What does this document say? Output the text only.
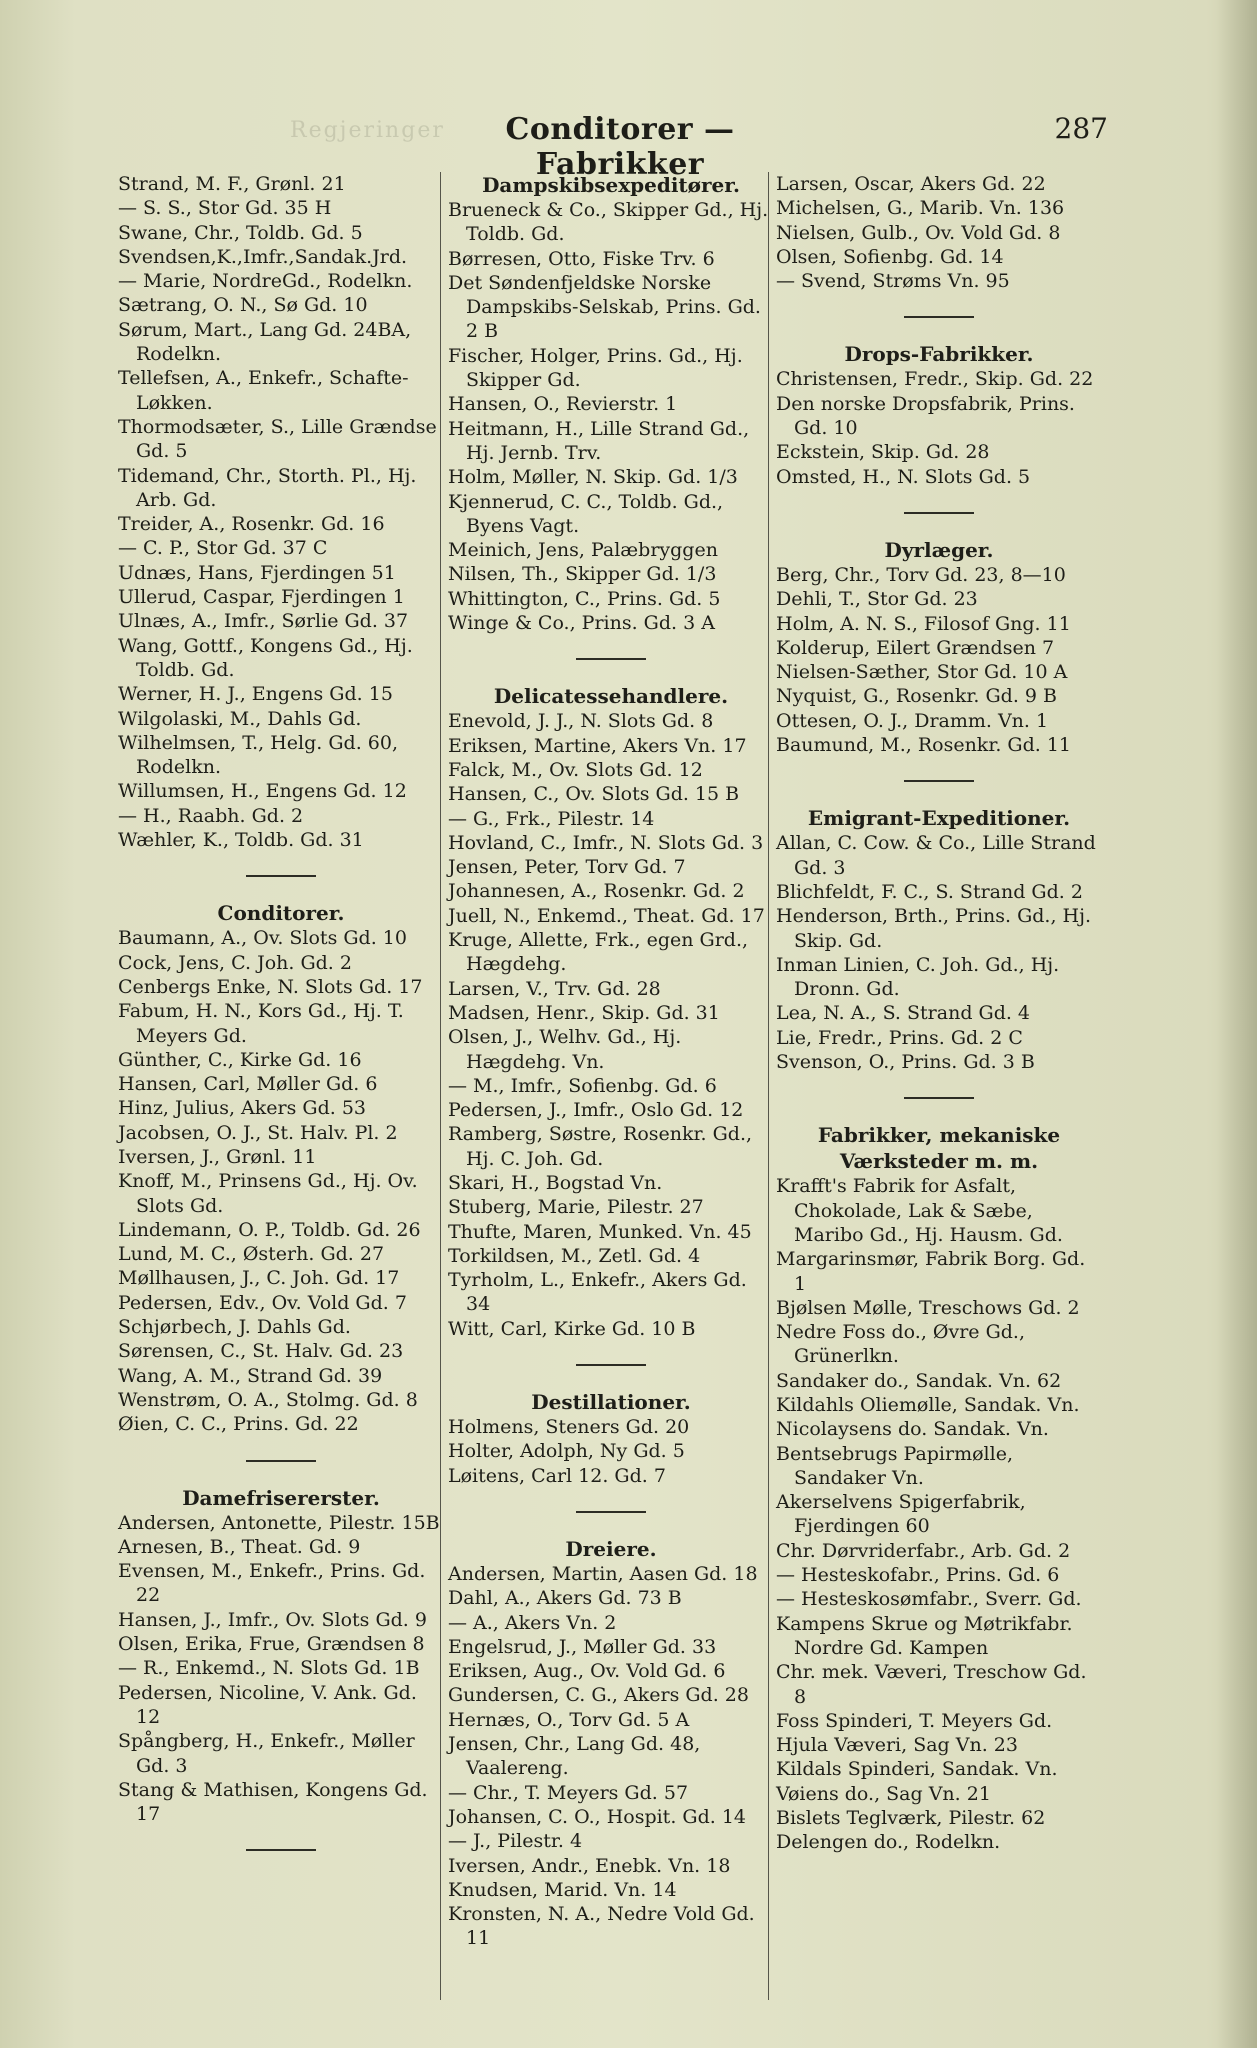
Regjeringer	Conditorer — Fabrikker
287
Strand, M. F., Grønl. 21
— S. S., Stor Gd. 35 H
Swane, Chr., Toldb. Gd. 5
Svendsen,K.,Imfr.,Sandak.Jrd.
— Marie, NordreGd., Rodelkn.
Sætrang, O. N., Sø Gd. 10
Sørum, Mart., Lang Gd. 24BA, Rodelkn.
Tellefsen, A., Enkefr., Schafte-Løkken.
Thormodsæter, S., Lille Grændse Gd. 5
Tidemand, Chr., Storth. Pl., Hj. Arb. Gd.
Treider, A., Rosenkr. Gd. 16
— C. P., Stor Gd. 37 C
Udnæs, Hans, Fjerdingen 51
Ullerud, Caspar, Fjerdingen 1
Ulnæs, A., Imfr., Sørlie Gd. 37
Wang, Gottf., Kongens Gd., Hj. Toldb. Gd.
Werner, H. J., Engens Gd. 15
Wilgolaski, M., Dahls Gd.
Wilhelmsen, T., Helg. Gd. 60, Rodelkn.
Willumsen, H., Engens Gd. 12
— H., Raabh. Gd. 2
Wæhler, K., Toldb. Gd. 31
Conditorer.
Baumann, A., Ov. Slots Gd. 10
Cock, Jens, C. Joh. Gd. 2
Cenbergs Enke, N. Slots Gd. 17
Fabum, H. N., Kors Gd., Hj. T. Meyers Gd.
Günther, C., Kirke Gd. 16
Hansen, Carl, Møller Gd. 6
Hinz, Julius, Akers Gd. 53
Jacobsen, O. J., St. Halv. Pl. 2
Iversen, J., Grønl. 11
Knoff, M., Prinsens Gd., Hj. Ov. Slots Gd.
Lindemann, O. P., Toldb. Gd. 26
Lund, M. C., Østerh. Gd. 27
Møllhausen, J., C. Joh. Gd. 17
Pedersen, Edv., Ov. Vold Gd. 7
Schjørbech, J. Dahls Gd.
Sørensen, C., St. Halv. Gd. 23
Wang, A. M., Strand Gd. 39
Wenstrøm, O. A., Stolmg. Gd. 8
Øien, C. C., Prins. Gd. 22
Damefrisererster.
Andersen, Antonette, Pilestr. 15B
Arnesen, B., Theat. Gd. 9
Evensen, M., Enkefr., Prins. Gd. 22
Hansen, J., Imfr., Ov. Slots Gd. 9
Olsen, Erika, Frue, Grændsen 8
— R., Enkemd., N. Slots Gd. 1B
Pedersen, Nicoline, V. Ank. Gd. 12
Spångberg, H., Enkefr., Møller Gd. 3
Stang & Mathisen, Kongens Gd. 17
Dampskibsexpeditører.
Brueneck & Co., Skipper Gd., Hj. Toldb. Gd.
Børresen, Otto, Fiske Trv. 6
Det Søndenfjeldske Norske Dampskibs-Selskab, Prins. Gd. 2 B
Fischer, Holger, Prins. Gd., Hj. Skipper Gd.
Hansen, O., Revierstr. 1
Heitmann, H., Lille Strand Gd., Hj. Jernb. Trv.
Holm, Møller, N. Skip. Gd. 1/3
Kjennerud, C. C., Toldb. Gd., Byens Vagt.
Meinich, Jens, Palæbryggen
Nilsen, Th., Skipper Gd. 1/3
Whittington, C., Prins. Gd. 5
Winge & Co., Prins. Gd. 3 A
Delicatessehandlere.
Enevold, J. J., N. Slots Gd. 8
Eriksen, Martine, Akers Vn. 17
Falck, M., Ov. Slots Gd. 12
Hansen, C., Ov. Slots Gd. 15 B
— G., Frk., Pilestr. 14
Hovland, C., Imfr., N. Slots Gd. 3
Jensen, Peter, Torv Gd. 7
Johannesen, A., Rosenkr. Gd. 2
Juell, N., Enkemd., Theat. Gd. 17
Kruge, Allette, Frk., egen Grd., Hægdehg.
Larsen, V., Trv. Gd. 28
Madsen, Henr., Skip. Gd. 31
Olsen, J., Welhv. Gd., Hj. Hægdehg. Vn.
— M., Imfr., Sofienbg. Gd. 6
Pedersen, J., Imfr., Oslo Gd. 12
Ramberg, Søstre, Rosenkr. Gd., Hj. C. Joh. Gd.
Skari, H., Bogstad Vn.
Stuberg, Marie, Pilestr. 27
Thufte, Maren, Munked. Vn. 45
Torkildsen, M., Zetl. Gd. 4
Tyrholm, L., Enkefr., Akers Gd. 34
Witt, Carl, Kirke Gd. 10 B
Destillationer.
Holmens, Steners Gd. 20
Holter, Adolph, Ny Gd. 5
Løitens, Carl 12. Gd. 7
Dreiere.
Andersen, Martin, Aasen Gd. 18
Dahl, A., Akers Gd. 73 B
— A., Akers Vn. 2
Engelsrud, J., Møller Gd. 33
Eriksen, Aug., Ov. Vold Gd. 6
Gundersen, C. G., Akers Gd. 28
Hernæs, O., Torv Gd. 5 A
Jensen, Chr., Lang Gd. 48, Vaalereng.
— Chr., T. Meyers Gd. 57
Johansen, C. O., Hospit. Gd. 14
— J., Pilestr. 4
Iversen, Andr., Enebk. Vn. 18
Knudsen, Marid. Vn. 14
Kronsten, N. A., Nedre Vold Gd. 11
Larsen, Oscar, Akers Gd. 22
Michelsen, G., Marib. Vn. 136
Nielsen, Gulb., Ov. Vold Gd. 8
Olsen, Sofienbg. Gd. 14
— Svend, Strøms Vn. 95
Drops-Fabrikker.
Christensen, Fredr., Skip. Gd. 22
Den norske Dropsfabrik, Prins. Gd. 10
Eckstein, Skip. Gd. 28
Omsted, H., N. Slots Gd. 5
Dyrlæger.
Berg, Chr., Torv Gd. 23, 8—10
Dehli, T., Stor Gd. 23
Holm, A. N. S., Filosof Gng. 11
Kolderup, Eilert Grændsen 7
Nielsen-Sæther, Stor Gd. 10 A
Nyquist, G., Rosenkr. Gd. 9 B
Ottesen, O. J., Dramm. Vn. 1
Baumund, M., Rosenkr. Gd. 11
Emigrant-Expeditioner.
Allan, C. Cow. & Co., Lille Strand Gd. 3
Blichfeldt, F. C., S. Strand Gd. 2
Henderson, Brth., Prins. Gd., Hj. Skip. Gd.
Inman Linien, C. Joh. Gd., Hj. Dronn. Gd.
Lea, N. A., S. Strand Gd. 4
Lie, Fredr., Prins. Gd. 2 C
Svenson, O., Prins. Gd. 3 B
Fabrikker, mekaniske Værksteder m. m.
Krafft's Fabrik for Asfalt, Chokolade, Lak & Sæbe, Maribo Gd., Hj. Hausm. Gd.
Margarinsmør, Fabrik Borg. Gd. 1
Bjølsen Mølle, Treschows Gd. 2
Nedre Foss do., Øvre Gd., Grünerlkn.
Sandaker do., Sandak. Vn. 62
Kildahls Oliemølle, Sandak. Vn.
Nicolaysens do. Sandak. Vn.
Bentsebrugs Papirmølle, Sandaker Vn.
Akerselvens Spigerfabrik, Fjerdingen 60
Chr. Dørvriderfabr., Arb. Gd. 2
— Hesteskofabr., Prins. Gd. 6
— Hesteskosømfabr., Sverr. Gd.
Kampens Skrue og Møtrikfabr. Nordre Gd. Kampen
Chr. mek. Væveri, Treschow Gd. 8
Foss Spinderi, T. Meyers Gd.
Hjula Væveri, Sag Vn. 23
Kildals Spinderi, Sandak. Vn.
Vøiens do., Sag Vn. 21
Bislets Teglværk, Pilestr. 62
Delengen do., Rodelkn.
